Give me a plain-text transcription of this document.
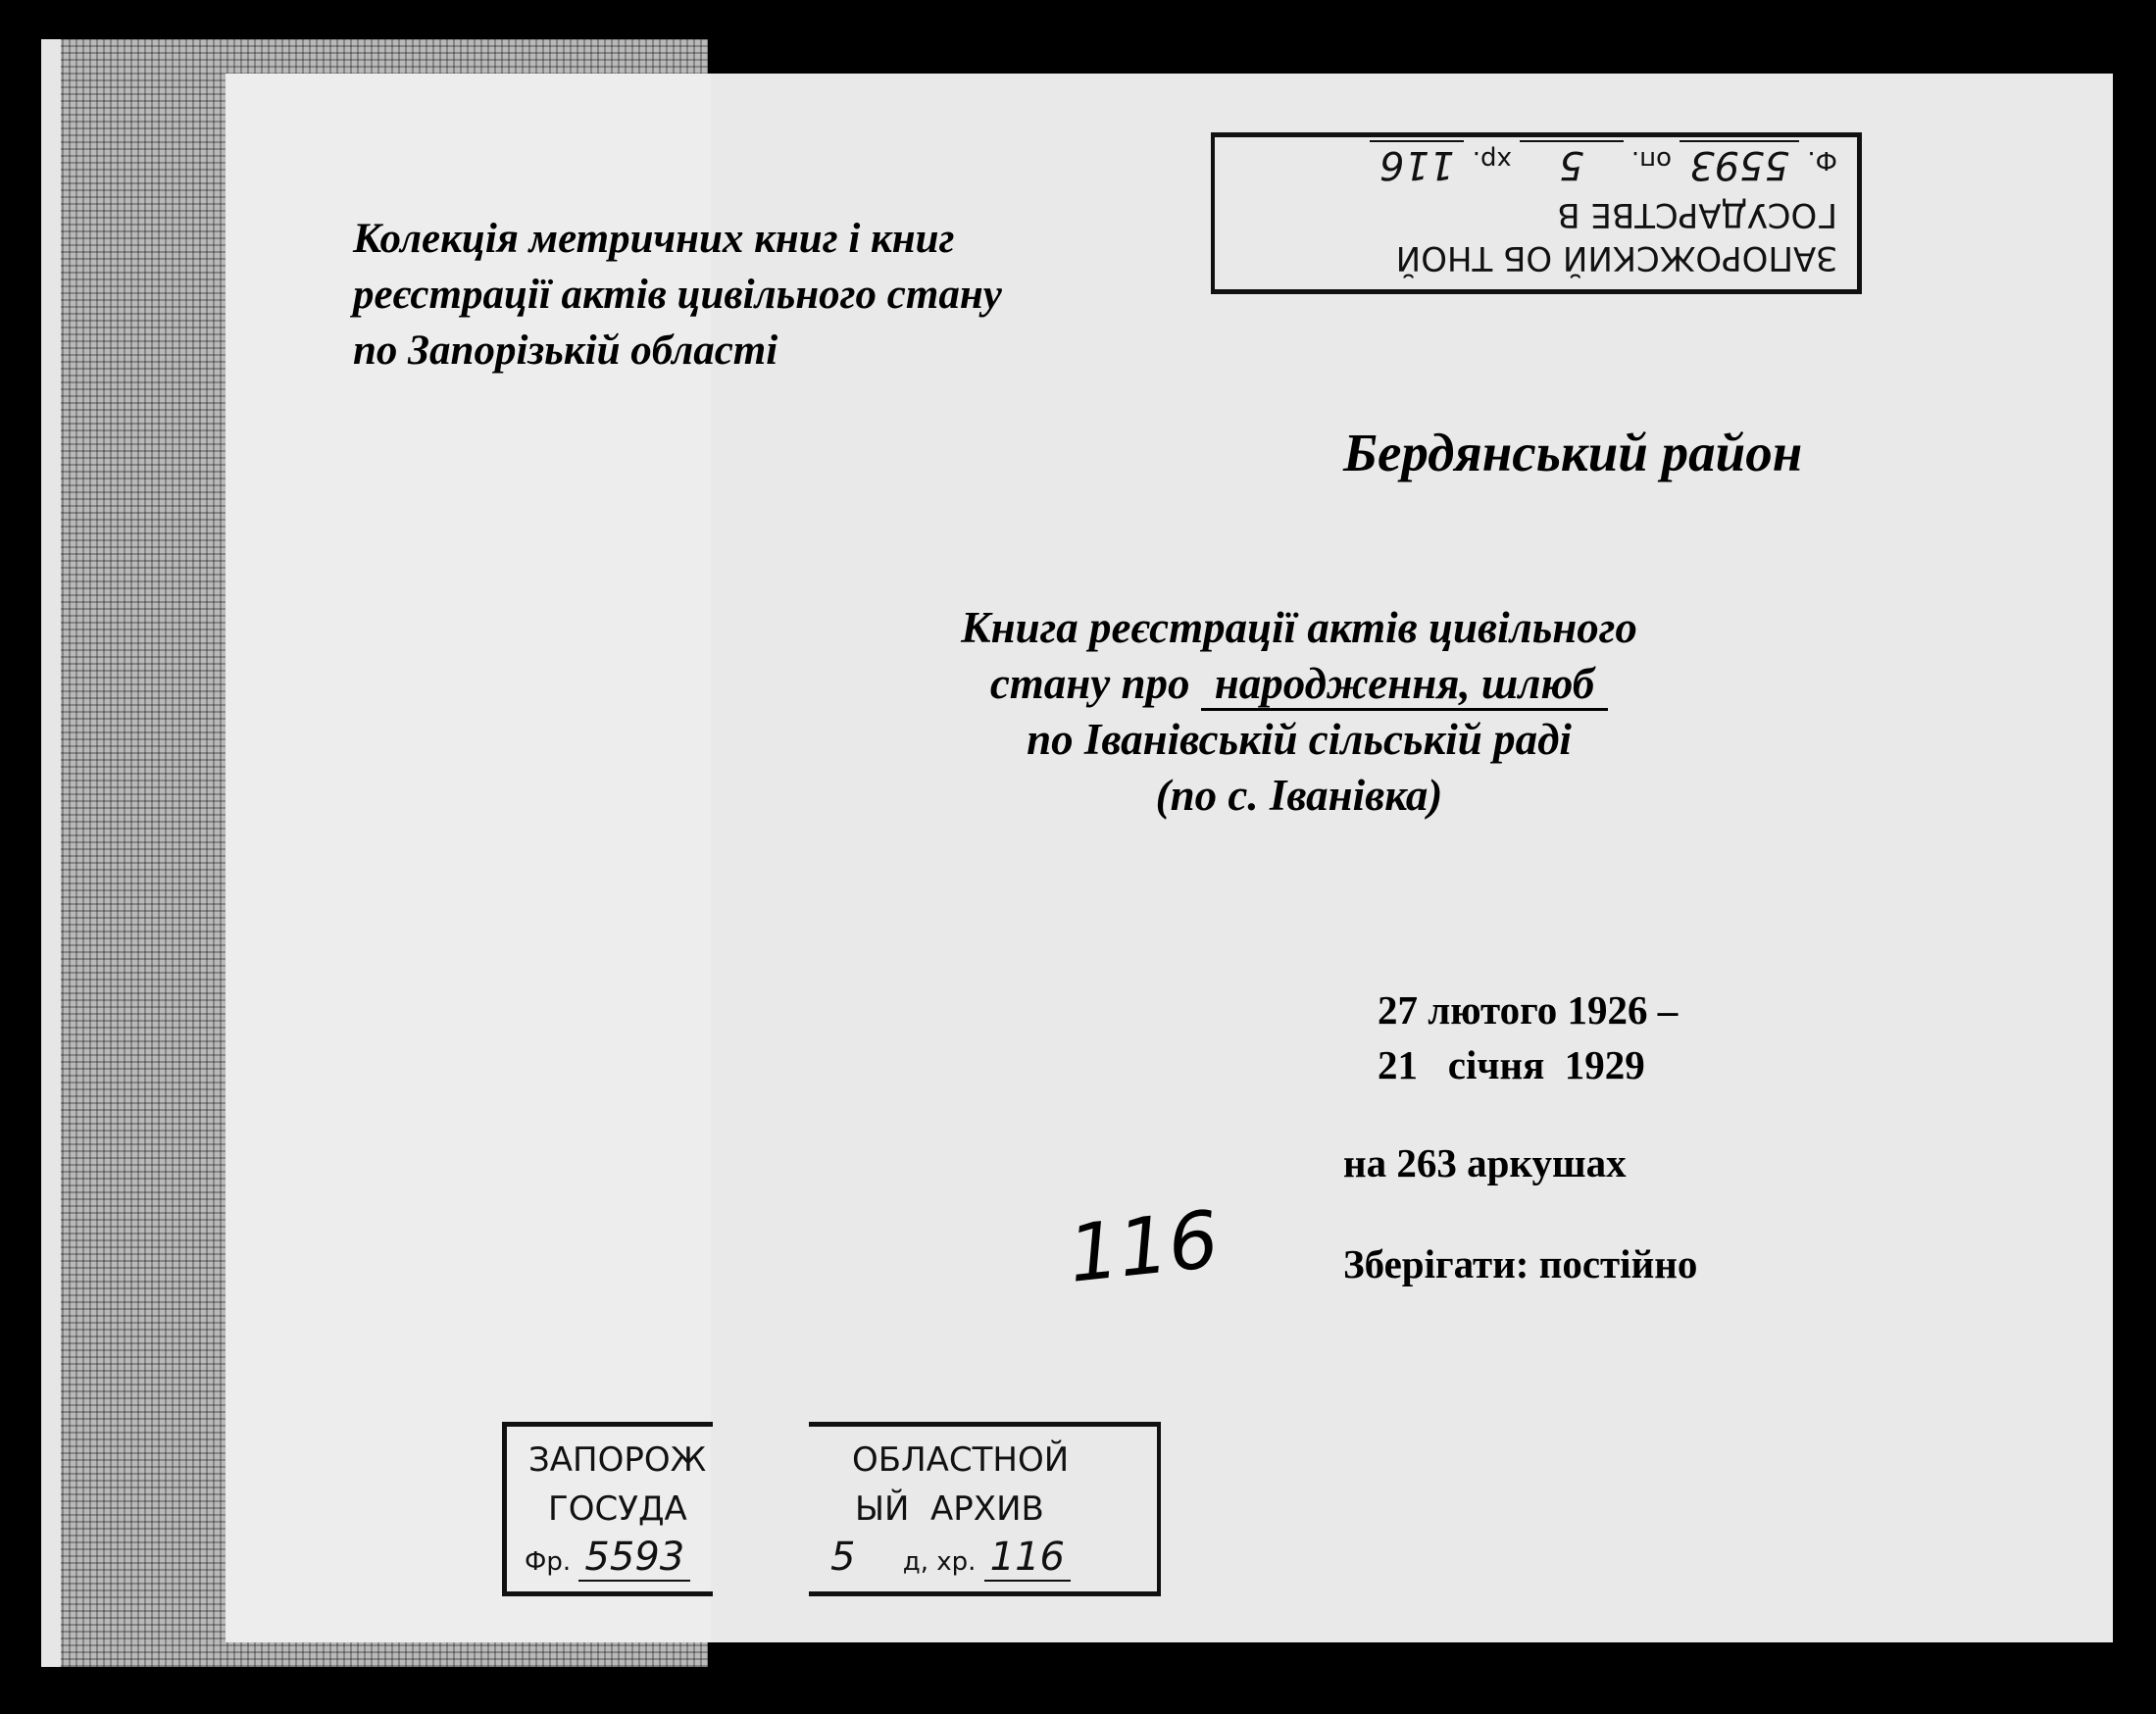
ЗАПОРОЖСКИЙ ОБ ТНОЙ
ГОСУДАРСТВЕ В
Ф. 5593 оп. 5 хр. 116
Колекція метричних книг і книг
реєстрації актів цивільного стану
по Запорізькій області
Бердянський район
Книга реєстрації актів цивільного
стану про народження, шлюб
по Іванівській сільській раді
(по с. Іванівка)
27 лютого 1926 –
21   січня  1929
на 263 аркушах
Зберігати: постійно
116
ЗАПОРОЖ	ОБЛАСТНОЙ
ГОСУДА	ЫЙ  АРХИВ
Фр. 5593	5 д, хр. 116
